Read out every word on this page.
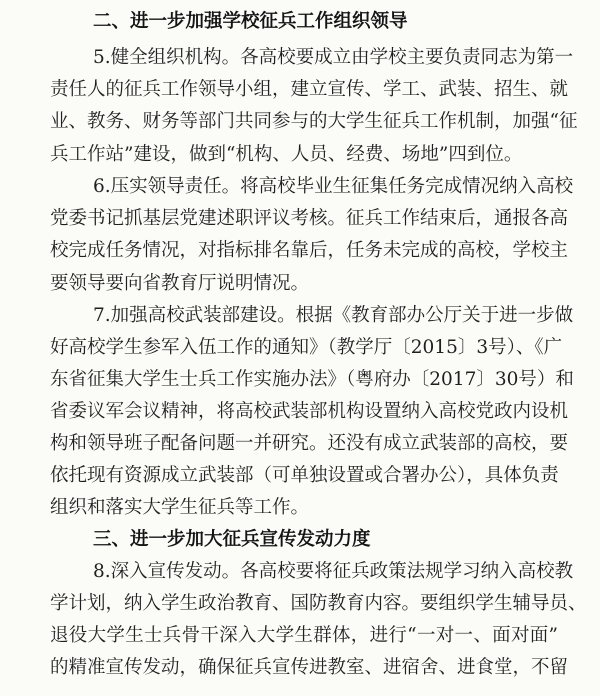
二、进一步加强学校征兵工作组织领导
5.健全组织机构。各高校要成立由学校主要负责同志为第一
责任人的征兵工作领导小组，建立宣传、学工、武装、招生、就
业、教务、财务等部门共同参与的大学生征兵工作机制，加强“征
兵工作站”建设，做到“机构、人员、经费、场地”四到位。
6.压实领导责任。将高校毕业生征集任务完成情况纳入高校
党委书记抓基层党建述职评议考核。征兵工作结束后，通报各高
校完成任务情况，对指标排名靠后，任务未完成的高校，学校主
要领导要向省教育厅说明情况。
7.加强高校武装部建设。根据《教育部办公厅关于进一步做
好高校学生参军入伍工作的通知》（教学厅〔2015〕3号）、《广
东省征集大学生士兵工作实施办法》（粤府办〔2017〕30号）和
省委议军会议精神，将高校武装部机构设置纳入高校党政内设机
构和领导班子配备问题一并研究。还没有成立武装部的高校，要
依托现有资源成立武装部（可单独设置或合署办公），具体负责
组织和落实大学生征兵等工作。
三、进一步加大征兵宣传发动力度
8.深入宣传发动。各高校要将征兵政策法规学习纳入高校教
学计划，纳入学生政治教育、国防教育内容。要组织学生辅导员、
退役大学生士兵骨干深入大学生群体，进行“一对一、面对面”
的精准宣传发动，确保征兵宣传进教室、进宿舍、进食堂，不留
